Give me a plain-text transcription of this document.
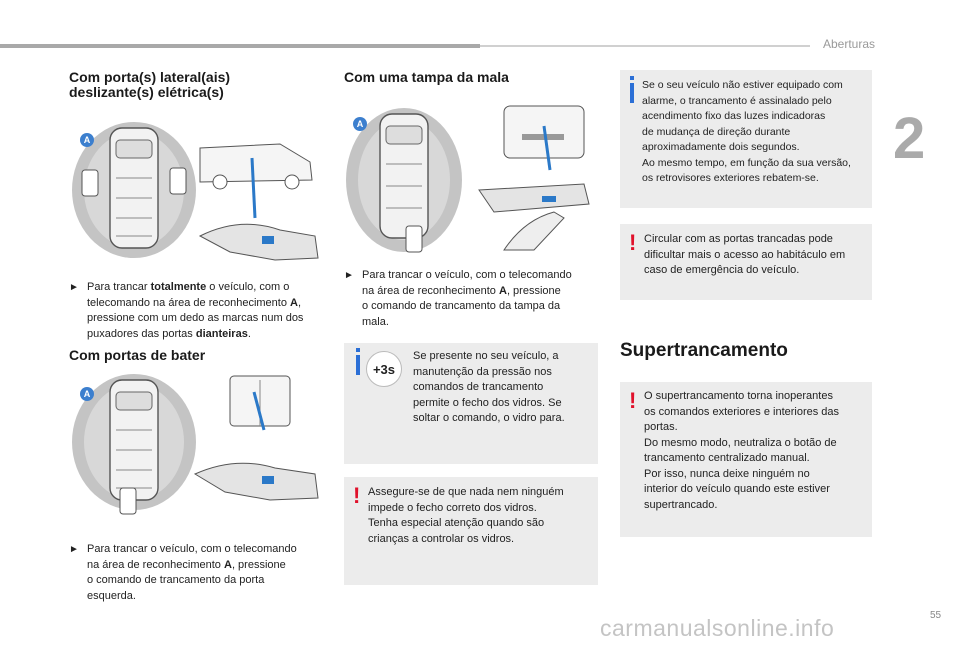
Aberturas
2
55
carmanualsonline.info
Com porta(s) lateral(ais)
deslizante(s) elétrica(s)
A
► Para trancar totalmente o veículo, com o
telecomando na área de reconhecimento A,
pressione com um dedo as marcas num dos
puxadores das portas dianteiras.
Com portas de bater
A
► Para trancar o veículo, com o telecomando
na área de reconhecimento A, pressione
o comando de trancamento da porta
esquerda.
Com uma tampa da mala
A
► Para trancar o veículo, com o telecomando
na área de reconhecimento A, pressione
o comando de trancamento da tampa da
mala.
+3s
Se presente no seu veículo, a
manutenção da pressão nos
comandos de trancamento
permite o fecho dos vidros. Se
soltar o comando, o vidro para.
! Assegure-se de que nada nem ninguém
impede o fecho correto dos vidros.
Tenha especial atenção quando são
crianças a controlar os vidros.
Se o seu veículo não estiver equipado com
alarme, o trancamento é assinalado pelo
acendimento fixo das luzes indicadoras
de mudança de direção durante
aproximadamente dois segundos.
Ao mesmo tempo, em função da sua versão,
os retrovisores exteriores rebatem-se.
! Circular com as portas trancadas pode
dificultar mais o acesso ao habitáculo em
caso de emergência do veículo.
Supertrancamento
! O supertrancamento torna inoperantes
os comandos exteriores e interiores das
portas.
Do mesmo modo, neutraliza o botão de
trancamento centralizado manual.
Por isso, nunca deixe ninguém no
interior do veículo quando este estiver
supertrancado.
